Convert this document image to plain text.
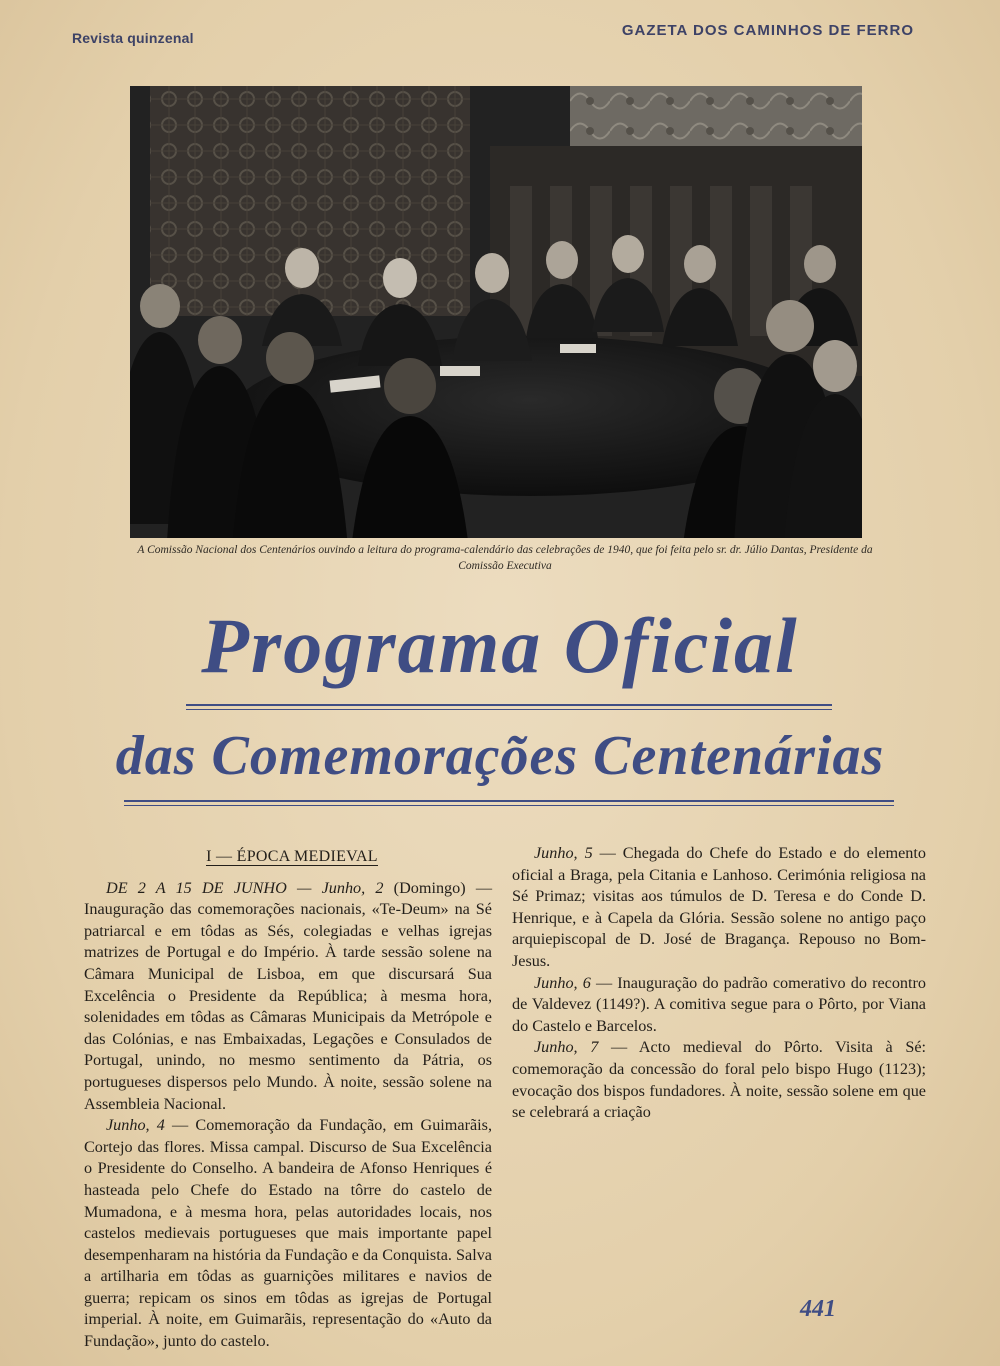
Revista quinzenal	GAZETA DOS CAMINHOS DE FERRO
A Comissão Nacional dos Centenários ouvindo a leitura do programa-calendário das celebrações de 1940, que foi feita pelo sr. dr. Júlio Dantas, Presidente da Comissão Executiva
Programa Oficial
das Comemorações Centenárias
I — ÉPOCA MEDIEVAL

DE 2 A 15 DE JUNHO — Junho, 2 (Domingo) — Inauguração das comemorações nacionais, «Te-Deum» na Sé patriarcal e em tôdas as Sés, colegiadas e velhas igrejas matrizes de Portugal e do Império. À tarde sessão solene na Câmara Municipal de Lisboa, em que discursará Sua Excelência o Presidente da República; à mesma hora, solenidades em tôdas as Câmaras Municipais da Metrópole e das Colónias, e nas Embaixadas, Legações e Consulados de Portugal, unindo, no mesmo sentimento da Pátria, os portugueses dispersos pelo Mundo. À noite, sessão solene na Assembleia Nacional.

Junho, 4 — Comemoração da Fundação, em Guimarãis, Cortejo das flores. Missa campal. Discurso de Sua Excelência o Presidente do Conselho. A bandeira de Afonso Henriques é hasteada pelo Chefe do Estado na tôrre do castelo de Mumadona, e à mesma hora, pelas autoridades locais, nos castelos medievais portugueses que mais importante papel desempenharam na história da Fundação e da Conquista. Salva a artilharia em tôdas as guarnições militares e navios de guerra; repicam os sinos em tôdas as igrejas de Portugal imperial. À noite, em Guimarãis, representação do «Auto da Fundação», junto do castelo.

Junho, 5 — Chegada do Chefe do Estado e do elemento oficial a Braga, pela Citania e Lanhoso. Cerimónia religiosa na Sé Primaz; visitas aos túmulos de D. Teresa e do Conde D. Henrique, e à Capela da Glória. Sessão solene no antigo paço arquiepiscopal de D. José de Bragança. Repouso no Bom-Jesus.

Junho, 6 — Inauguração do padrão comerativo do recontro de Valdevez (1149?). A comitiva segue para o Pôrto, por Viana do Castelo e Barcelos.

Junho, 7 — Acto medieval do Pôrto. Visita à Sé: comemoração da concessão do foral pelo bispo Hugo (1123); evocação dos bispos fundadores. À noite, sessão solene em que se celebrará a criação

441
